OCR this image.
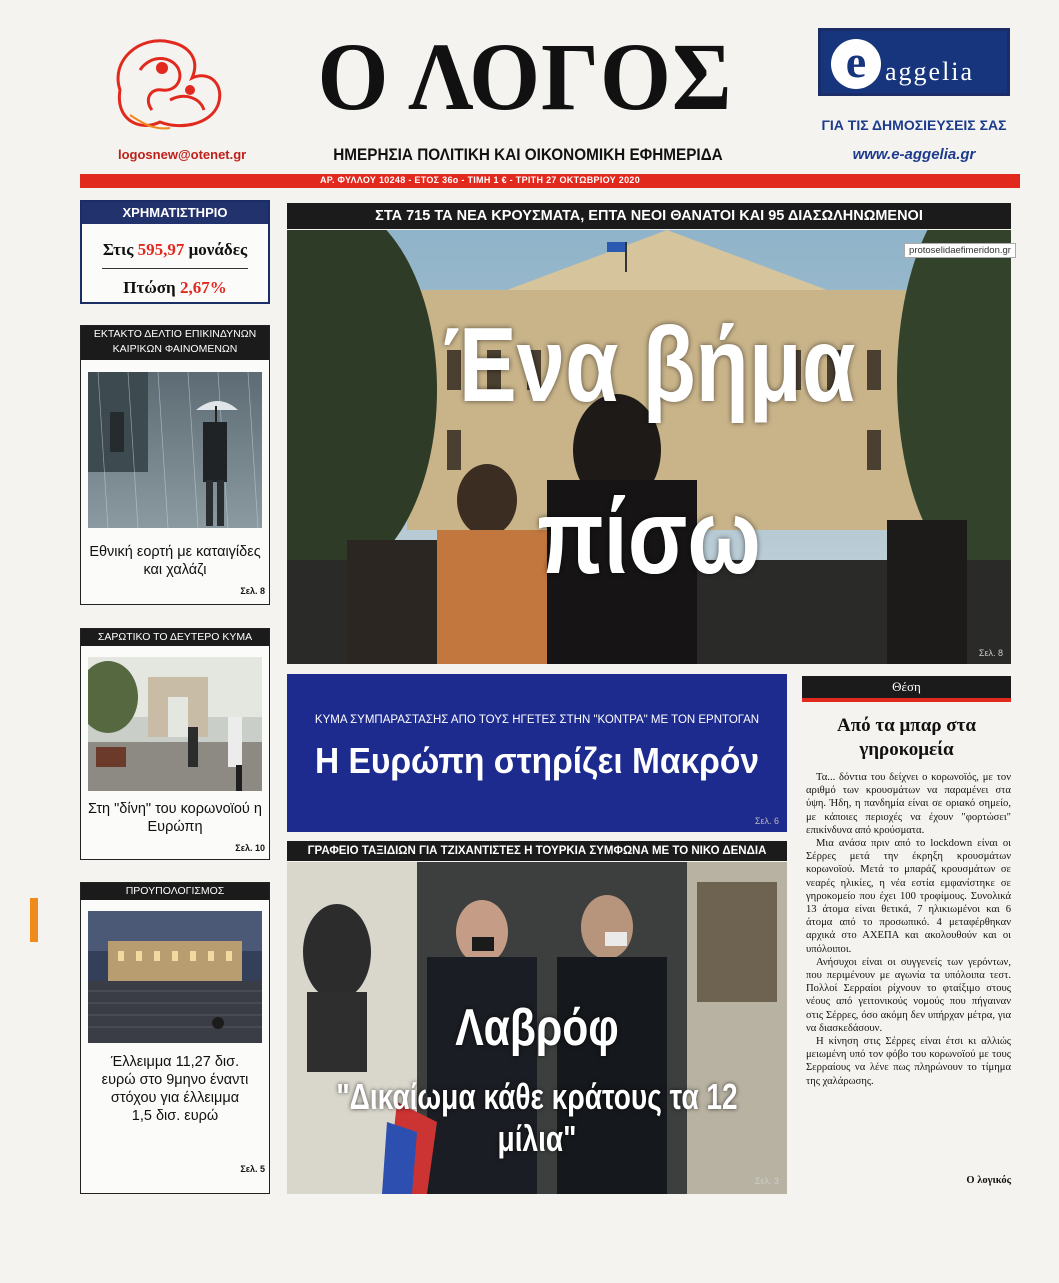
logosnew@otenet.gr
Ο ΛΟΓΟΣ
ΗΜΕΡΗΣΙΑ ΠΟΛΙΤΙΚΗ ΚΑΙ ΟΙΚΟΝΟΜΙΚΗ ΕΦΗΜΕΡΙΔΑ
e aggelia
ΓΙΑ ΤΙΣ ΔΗΜΟΣΙΕΥΣΕΙΣ ΣΑΣ
www.e-aggelia.gr
ΑΡ. ΦΥΛΛΟΥ 10248 - ΕΤΟΣ 36ο - ΤΙΜΗ 1 € - ΤΡΙΤΗ 27 ΟΚΤΩΒΡΙΟΥ 2020
ΧΡΗΜΑΤΙΣΤΗΡΙΟ
Στις 595,97 μονάδες
Πτώση 2,67%
ΕΚΤΑΚΤΟ ΔΕΛΤΙΟ ΕΠΙΚΙΝΔΥΝΩΝ ΚΑΙΡΙΚΩΝ ΦΑΙΝΟΜΕΝΩΝ
Εθνική εορτή με καταιγίδες και χαλάζι
Σελ. 8
ΣΑΡΩΤΙΚΟ ΤΟ ΔΕΥΤΕΡΟ ΚΥΜΑ
Στη "δίνη" του κορωνοϊού η Ευρώπη
Σελ. 10
ΠΡΟΥΠΟΛΟΓΙΣΜΟΣ
Έλλειμμα 11,27 δισ. ευρώ στο 9μηνο έναντι στόχου για έλλειμμα 1,5 δισ. ευρώ
Σελ. 5
ΣΤΑ 715 ΤΑ ΝΕΑ ΚΡΟΥΣΜΑΤΑ, ΕΠΤΑ ΝΕΟΙ ΘΑΝΑΤΟΙ ΚΑΙ 95 ΔΙΑΣΩΛΗΝΩΜΕΝΟΙ
Ένα βήμα
πίσω
Σελ. 8
protoselidaefimeridon.gr
ΚΥΜΑ ΣΥΜΠΑΡΑΣΤΑΣΗΣ ΑΠΟ ΤΟΥΣ ΗΓΕΤΕΣ ΣΤΗΝ "ΚΟΝΤΡΑ" ΜΕ ΤΟΝ ΕΡΝΤΟΓΑΝ
Η Ευρώπη στηρίζει Μακρόν
Σελ. 6
ΓΡΑΦΕΙΟ ΤΑΞΙΔΙΩΝ ΓΙΑ ΤΖΙΧΑΝΤΙΣΤΕΣ Η ΤΟΥΡΚΙΑ ΣΥΜΦΩΝΑ ΜΕ ΤΟ ΝΙΚΟ ΔΕΝΔΙΑ
Λαβρόφ
"Δικαίωμα κάθε κράτους τα 12 μίλια"
Σελ. 3
Θέση
Από τα μπαρ στα γηροκομεία

Τα... δόντια του δείχνει ο κορωνοϊός, με τον αριθμό των κρουσμάτων να παραμένει στα ύψη. Ήδη, η πανδημία είναι σε οριακό σημείο, με κάποιες περιοχές να έχουν "φορτώσει" επικίνδυνα από κρούσματα.

Μια ανάσα πριν από το lockdown είναι οι Σέρρες μετά την έκρηξη κρουσμάτων κορωνοϊού. Μετά το μπαράζ κρουσμάτων σε νεαρές ηλικίες, η νέα εστία εμφανίστηκε σε γηροκομείο που έχει 100 τροφίμους. Συνολικά 13 άτομα είναι θετικά, 7 ηλικιωμένοι και 6 άτομα από το προσωπικό. 4 μεταφέρθηκαν αρχικά στο ΑΧΕΠΑ και ακολουθούν και οι υπόλοιποι.

Ανήσυχοι είναι οι συγγενείς των γερόντων, που περιμένουν με αγωνία τα υπόλοιπα τεστ. Πολλοί Σερραίοι ρίχνουν το φταίξιμο στους νέους από γειτονικούς νομούς που πήγαιναν στις Σέρρες, όσο ακόμη δεν υπήρχαν μέτρα, για να διασκεδάσουν.

Η κίνηση στις Σέρρες είναι έτσι κι αλλιώς μειωμένη υπό τον φόβο του κορωνοϊού με τους Σερραίους να λένε πως πληρώνουν το τίμημα της χαλάρωσης.

Ο λογικός
